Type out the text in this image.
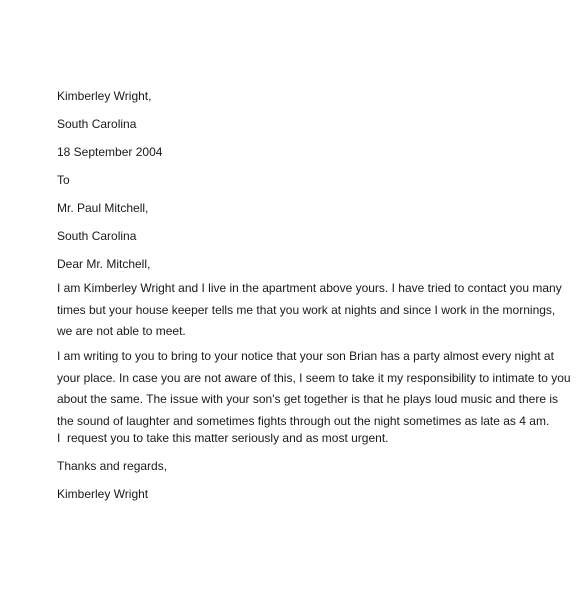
Kimberley Wright,

South Carolina

18 September 2004

To

Mr. Paul Mitchell,

South Carolina

Dear Mr. Mitchell,

I am Kimberley Wright and I live in the apartment above yours. I have tried to contact you many
times but your house keeper tells me that you work at nights and since I work in the mornings,
we are not able to meet.
I am writing to you to bring to your notice that your son Brian has a party almost every night at
your place. In case you are not aware of this, I seem to take it my responsibility to intimate to you
about the same. The issue with your son's get together is that he plays loud music and there is
the sound of laughter and sometimes fights through out the night sometimes as late as 4 am.
I  request you to take this matter seriously and as most urgent.

Thanks and regards,

Kimberley Wright
